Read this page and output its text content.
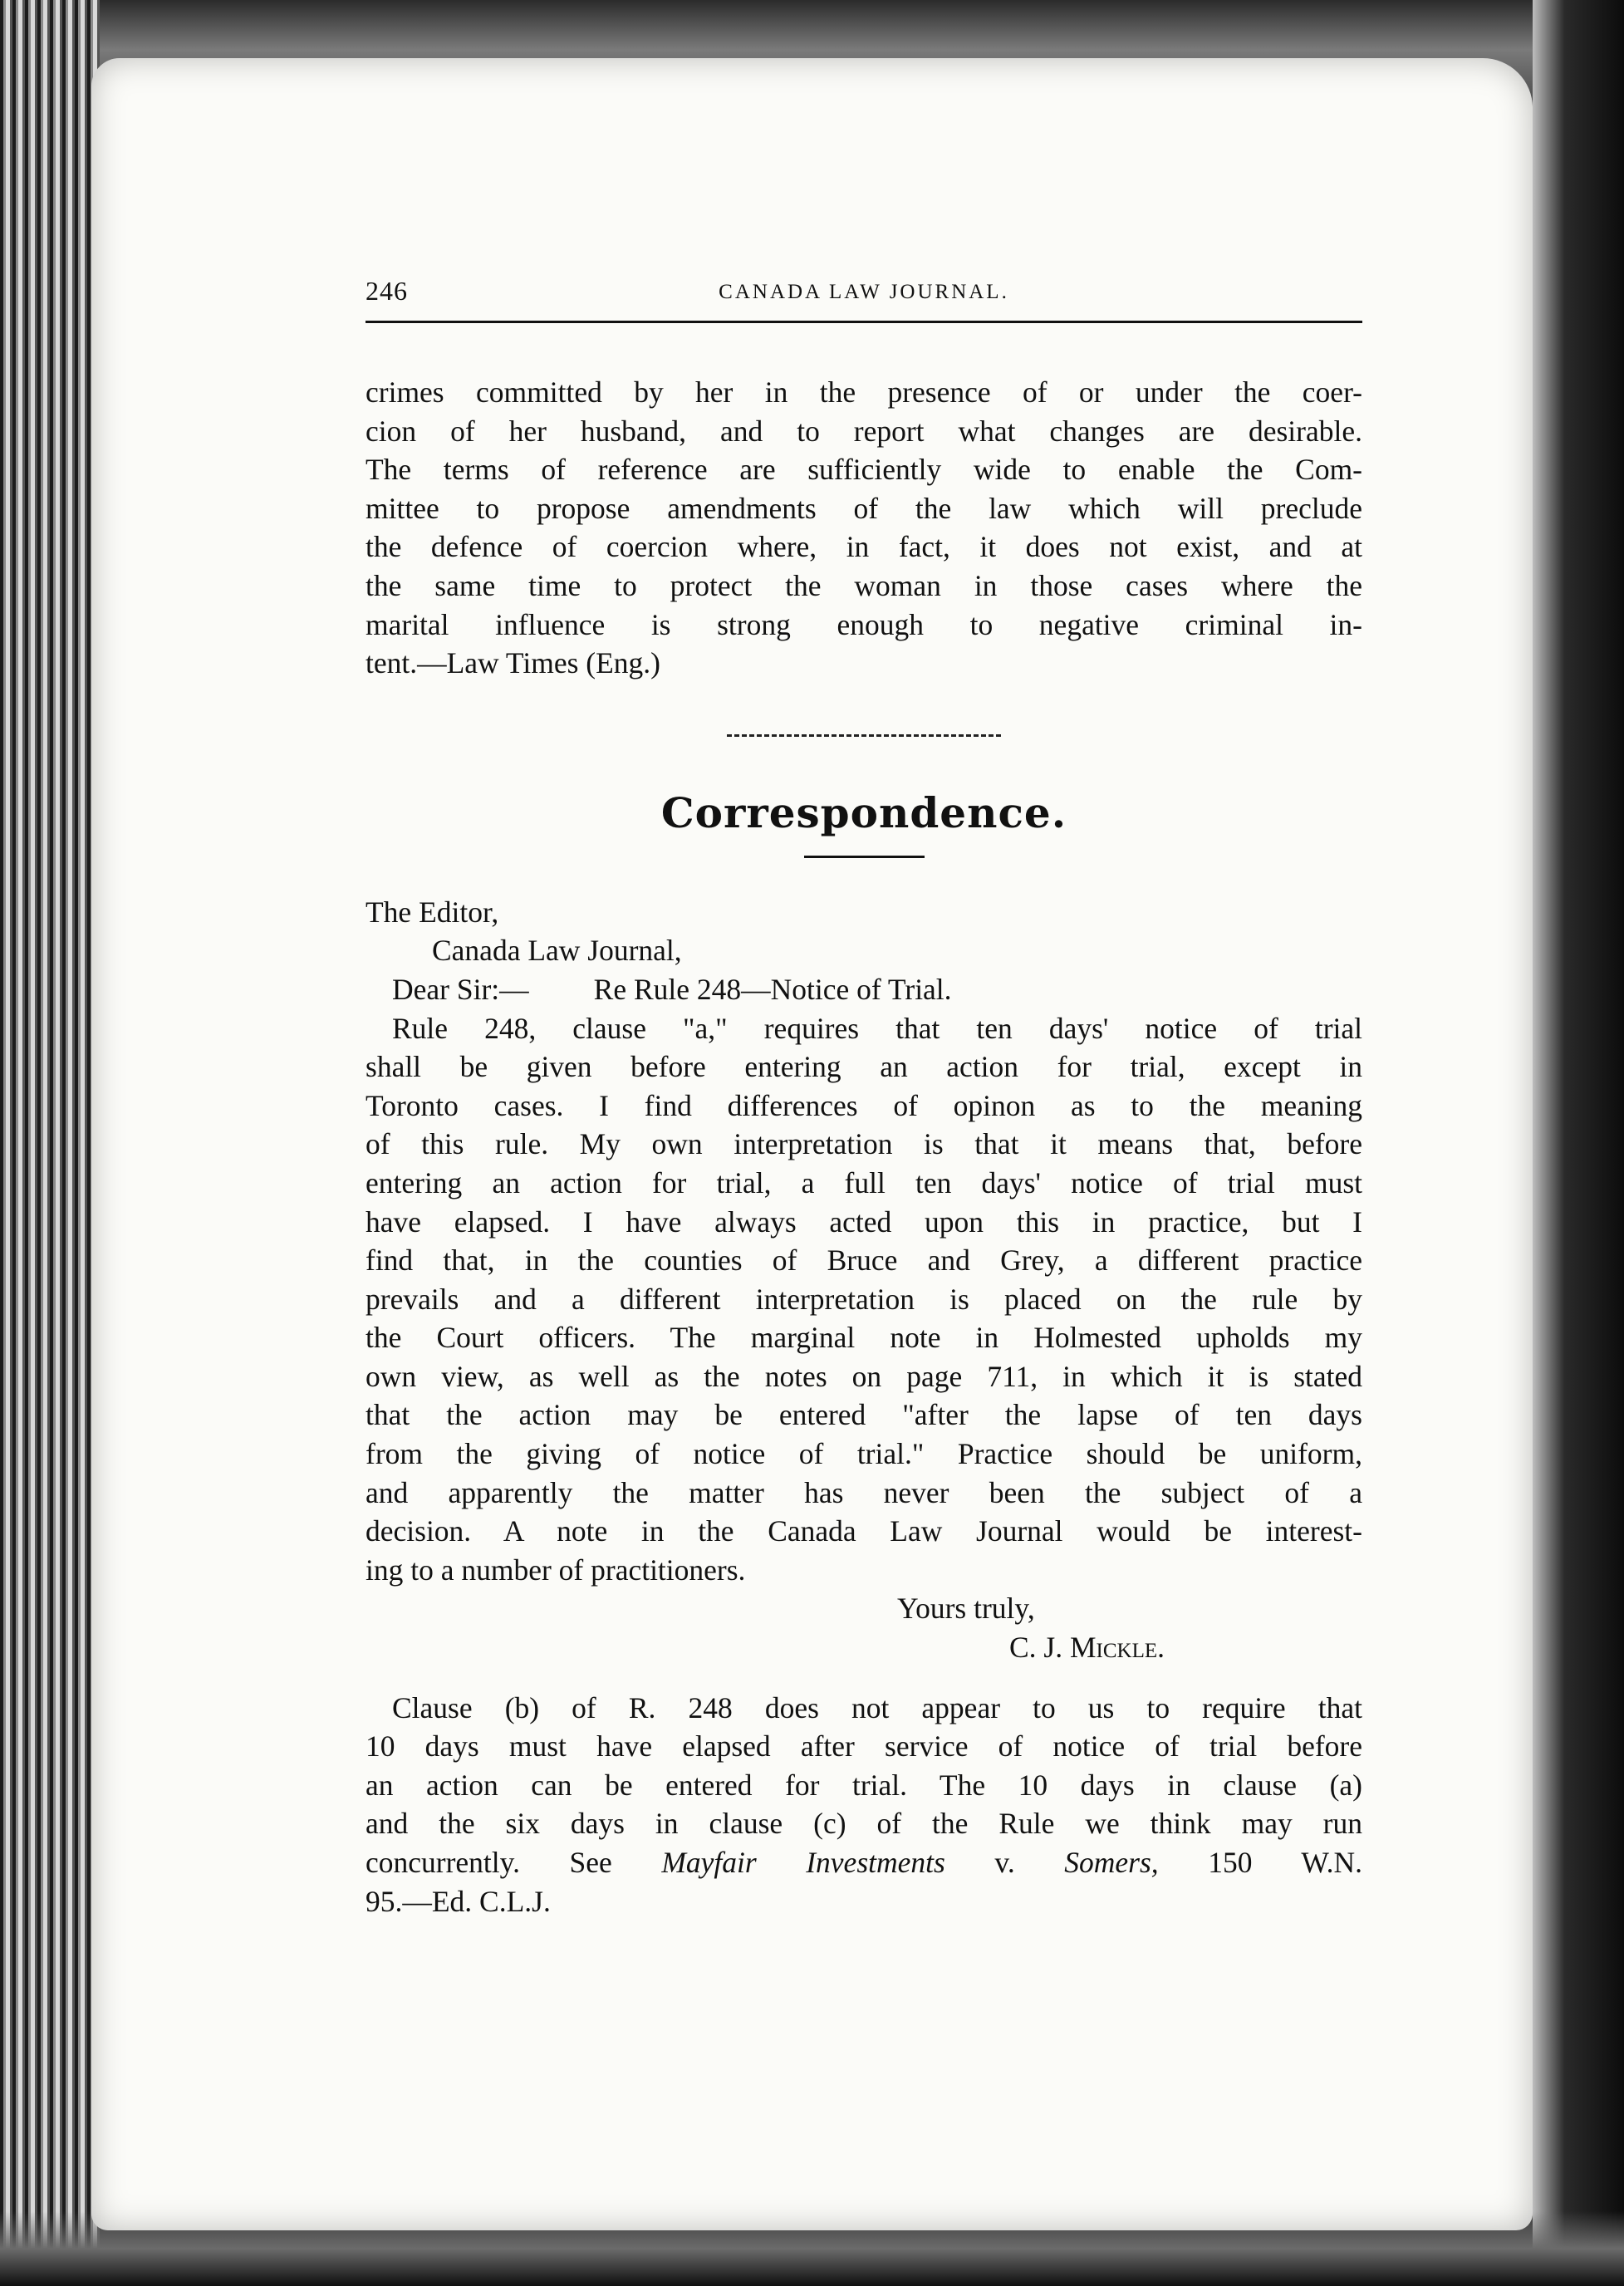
246	CANADA LAW JOURNAL.
crimes committed by her in the presence of or under the coer-
cion of her husband, and to report what changes are desirable.
The terms of reference are sufficiently wide to enable the Com-
mittee to propose amendments of the law which will preclude
the defence of coercion where, in fact, it does not exist, and at
the same time to protect the woman in those cases where the
marital influence is strong enough to negative criminal in-
tent.—Law Times (Eng.)
Correspondence.
The Editor,
Canada Law Journal,
Dear Sir:— Re Rule 248—Notice of Trial.
Rule 248, clause "a," requires that ten days' notice of trial
shall be given before entering an action for trial, except in
Toronto cases. I find differences of opinon as to the meaning
of this rule. My own interpretation is that it means that, before
entering an action for trial, a full ten days' notice of trial must
have elapsed. I have always acted upon this in practice, but I
find that, in the counties of Bruce and Grey, a different practice
prevails and a different interpretation is placed on the rule by
the Court officers. The marginal note in Holmested upholds my
own view, as well as the notes on page 711, in which it is stated
that the action may be entered "after the lapse of ten days
from the giving of notice of trial." Practice should be uniform,
and apparently the matter has never been the subject of a
decision. A note in the Canada Law Journal would be interest-
ing to a number of practitioners.
Yours truly,
C. J. Mickle.
Clause (b) of R. 248 does not appear to us to require that
10 days must have elapsed after service of notice of trial before
an action can be entered for trial. The 10 days in clause (a)
and the six days in clause (c) of the Rule we think may run
concurrently. See Mayfair Investments v. Somers, 150 W.N.
95.—Ed. C.L.J.
